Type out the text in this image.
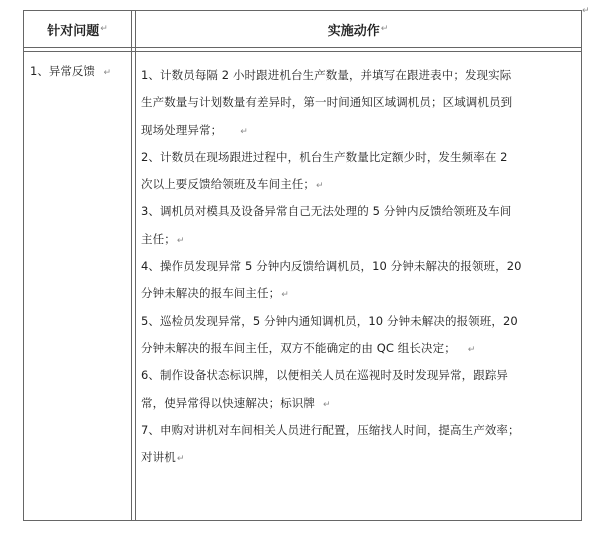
↵
针对问题 ↵	实施动作 ↵
1、异常反馈 ↵	1、计数员每隔 2 小时跟进机台生产数量，并填写在跟进表中；发现实际
生产数量与计划数量有差异时，第一时间通知区域调机员；区域调机员到
现场处理异常； ↵
2、计数员在现场跟进过程中，机台生产数量比定额少时，发生频率在 2
次以上要反馈给领班及车间主任；↵
3、调机员对模具及设备异常自己无法处理的 5 分钟内反馈给领班及车间
主任；↵
4、操作员发现异常 5 分钟内反馈给调机员，10 分钟未解决的报领班，20
分钟未解决的报车间主任；↵
5、巡检员发现异常，5 分钟内通知调机员，10 分钟未解决的报领班，20
分钟未解决的报车间主任，双方不能确定的由 QC 组长决定； ↵
6、制作设备状态标识牌，以便相关人员在巡视时及时发现异常，跟踪异
常，使异常得以快速解决；标识牌 ↵
7、申购对讲机对车间相关人员进行配置，压缩找人时间，提高生产效率；
对讲机↵
